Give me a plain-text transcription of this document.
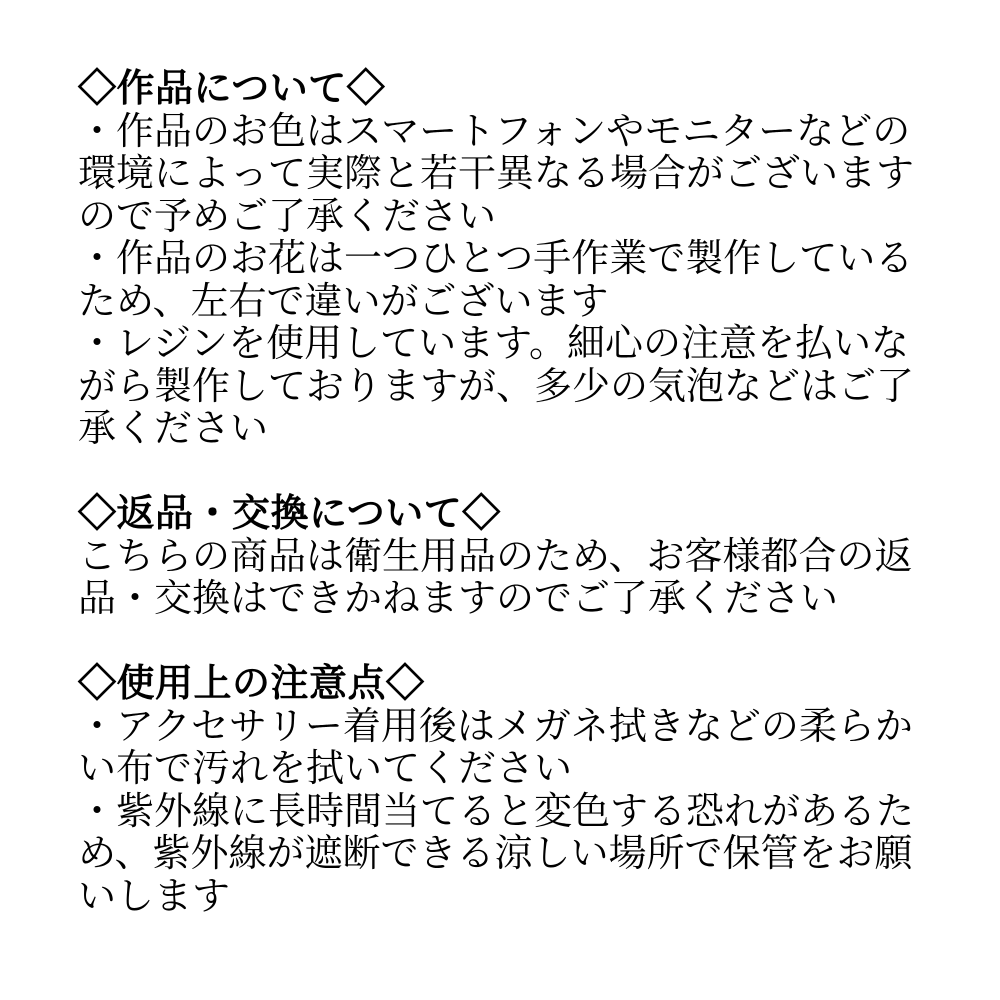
◇作品について◇
・作品のお色はスマートフォンやモニターなどの
環境によって実際と若干異なる場合がございます
ので予めご了承ください
・作品のお花は一つひとつ手作業で製作している
ため、左右で違いがございます
・レジンを使用しています。細心の注意を払いな
がら製作しておりますが、多少の気泡などはご了
承ください
◇返品・交換について◇
こちらの商品は衛生用品のため、お客様都合の返
品・交換はできかねますのでご了承ください
◇使用上の注意点◇
・アクセサリー着用後はメガネ拭きなどの柔らか
い布で汚れを拭いてください
・紫外線に長時間当てると変色する恐れがあるた
め、紫外線が遮断できる涼しい場所で保管をお願
いします
